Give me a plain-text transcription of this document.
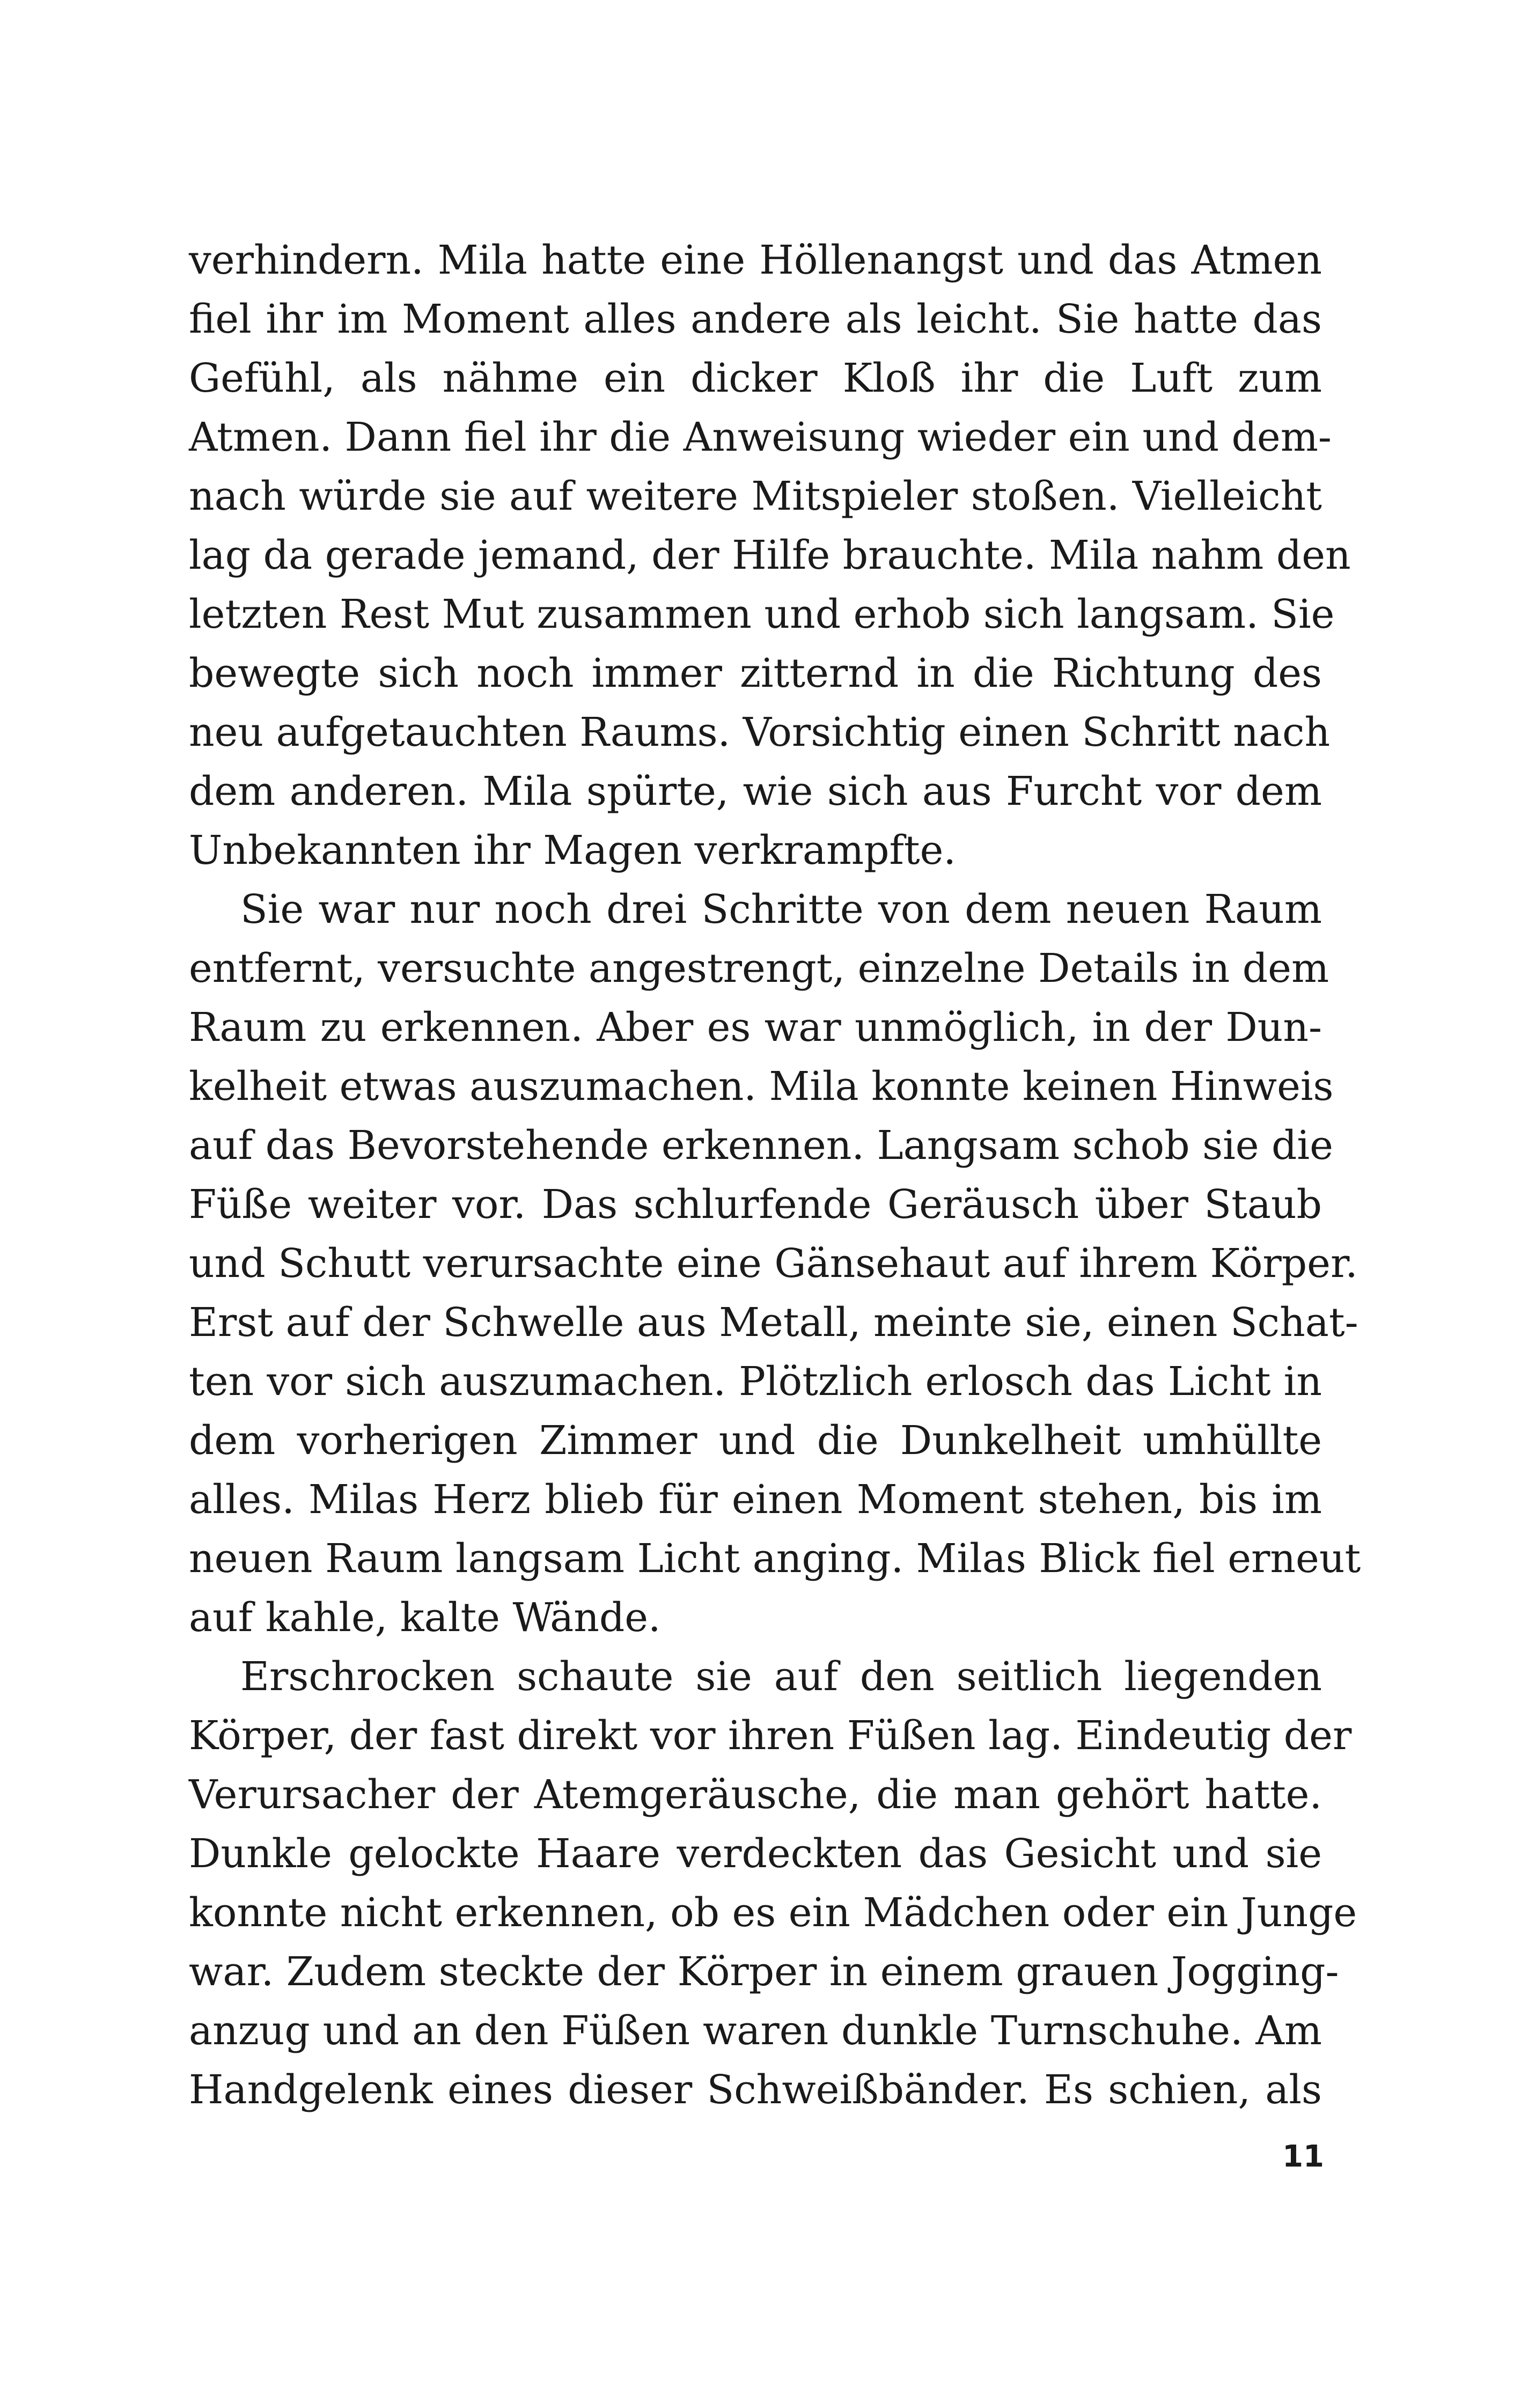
verhindern. Mila hatte eine Höllenangst und das Atmen
fiel ihr im Moment alles andere als leicht. Sie hatte das
Gefühl, als nähme ein dicker Kloß ihr die Luft zum
Atmen. Dann fiel ihr die Anweisung wieder ein und dem-
nach würde sie auf weitere Mitspieler stoßen. Vielleicht
lag da gerade jemand, der Hilfe brauchte. Mila nahm den
letzten Rest Mut zusammen und erhob sich langsam. Sie
bewegte sich noch immer zitternd in die Richtung des
neu aufgetauchten Raums. Vorsichtig einen Schritt nach
dem anderen. Mila spürte, wie sich aus Furcht vor dem
Unbekannten ihr Magen verkrampfte.
Sie war nur noch drei Schritte von dem neuen Raum
entfernt, versuchte angestrengt, einzelne Details in dem
Raum zu erkennen. Aber es war unmöglich, in der Dun-
kelheit etwas auszumachen. Mila konnte keinen Hinweis
auf das Bevorstehende erkennen. Langsam schob sie die
Füße weiter vor. Das schlurfende Geräusch über Staub
und Schutt verursachte eine Gänsehaut auf ihrem Körper.
Erst auf der Schwelle aus Metall, meinte sie, einen Schat-
ten vor sich auszumachen. Plötzlich erlosch das Licht in
dem vorherigen Zimmer und die Dunkelheit umhüllte
alles. Milas Herz blieb für einen Moment stehen, bis im
neuen Raum langsam Licht anging. Milas Blick fiel erneut
auf kahle, kalte Wände.
Erschrocken schaute sie auf den seitlich liegenden
Körper, der fast direkt vor ihren Füßen lag. Eindeutig der
Verursacher der Atemgeräusche, die man gehört hatte.
Dunkle gelockte Haare verdeckten das Gesicht und sie
konnte nicht erkennen, ob es ein Mädchen oder ein Junge
war. Zudem steckte der Körper in einem grauen Jogging-
anzug und an den Füßen waren dunkle Turnschuhe. Am
Handgelenk eines dieser Schweißbänder. Es schien, als
11
